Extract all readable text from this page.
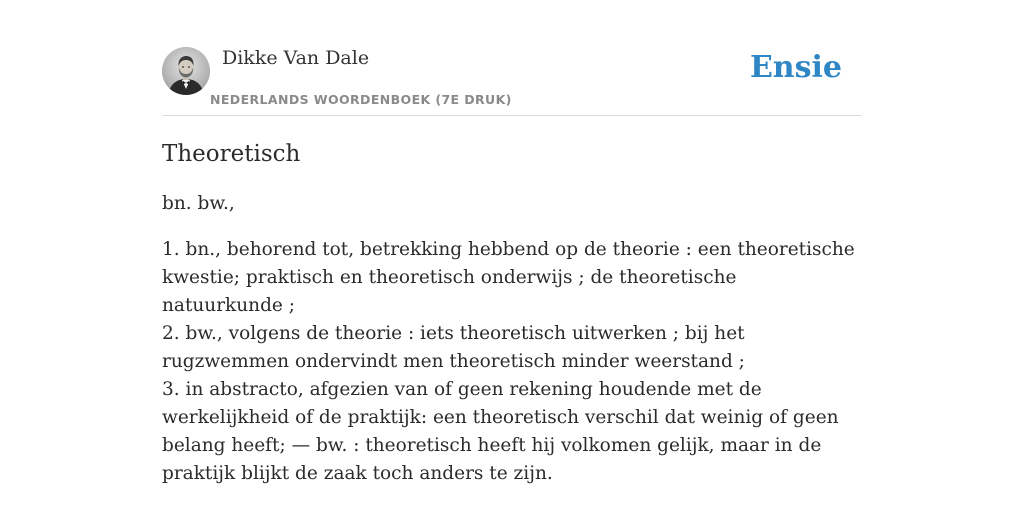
Dikke Van Dale
NEDERLANDS WOORDENBOEK (7E DRUK)
Ensie
Theoretisch

bn. bw.,

1. bn., behorend tot, betrekking hebbend op de theorie : een theoretische kwestie; praktisch en theoretisch onderwijs ; de theoretische natuurkunde ;
2. bw., volgens de theorie : iets theoretisch uitwerken ; bij het rugzwemmen ondervindt men theoretisch minder weerstand ;
3. in abstracto, afgezien van of geen rekening houdende met de werkelijkheid of de praktijk: een theoretisch verschil dat weinig of geen belang heeft; — bw. : theoretisch heeft hij volkomen gelijk, maar in de praktijk blijkt de zaak toch anders te zijn.
